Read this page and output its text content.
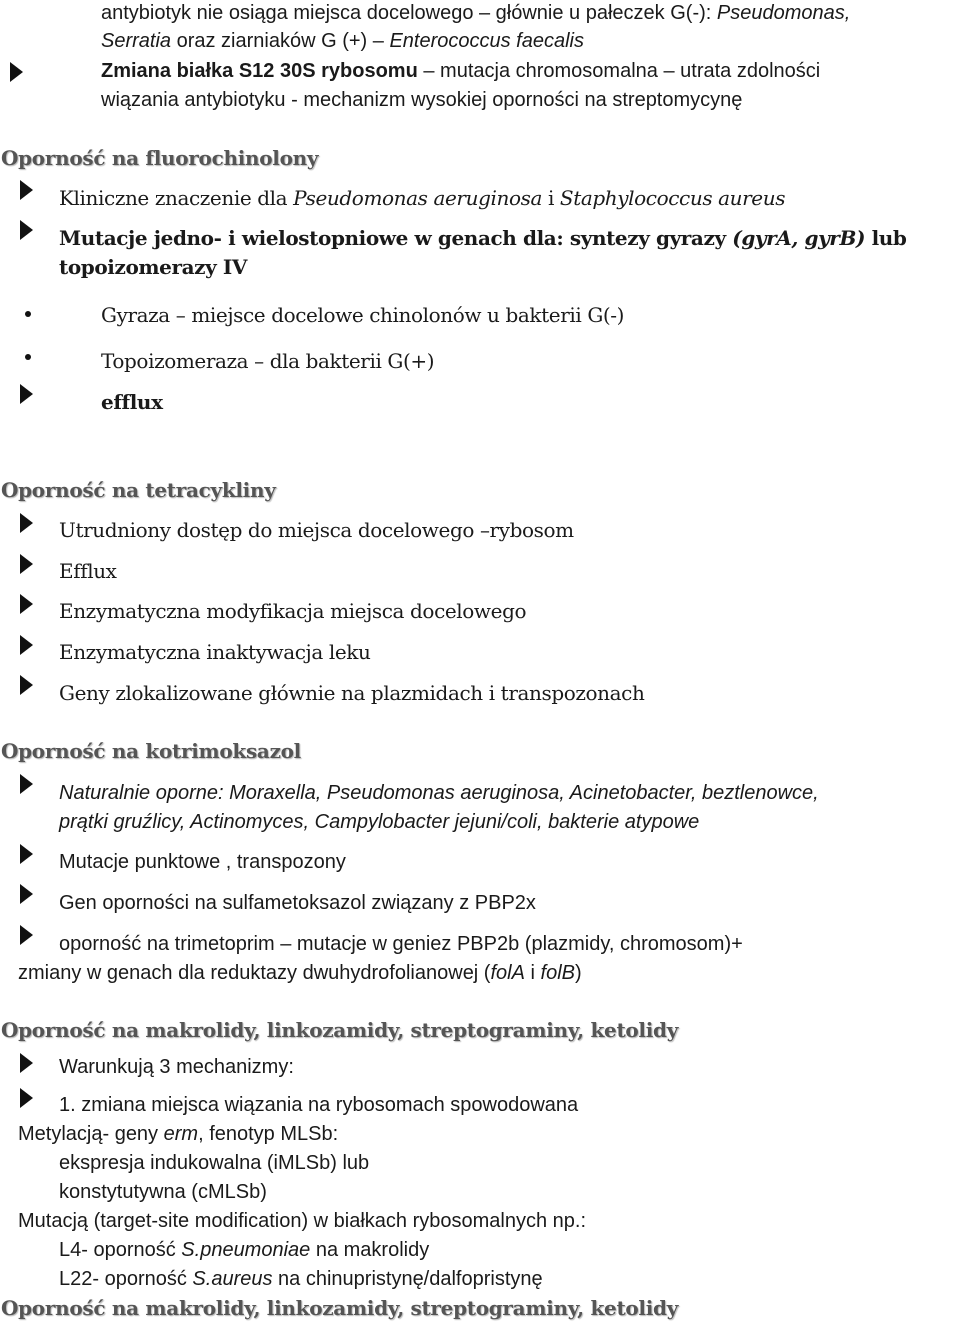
antybiotyk nie osiąga miejsca docelowego – głównie u pałeczek G(-): Pseudomonas,
Serratia oraz ziarniaków G (+) – Enterococcus faecalis
Zmiana białka S12 30S rybosomu – mutacja chromosomalna – utrata zdolności
wiązania antybiotyku - mechanizm wysokiej oporności na streptomycynę
Oporność na fluorochinolony
Kliniczne znaczenie dla Pseudomonas aeruginosa i Staphylococcus aureus
Mutacje jedno- i wielostopniowe w genach dla: syntezy gyrazy (gyrA, gyrB) lub
topoizomerazy IV
Gyraza – miejsce docelowe chinolonów u bakterii G(-)
Topoizomeraza – dla bakterii G(+)
efflux
Oporność na tetracykliny
Utrudniony dostęp do miejsca docelowego –rybosom
Efflux
Enzymatyczna modyfikacja miejsca docelowego
Enzymatyczna inaktywacja leku
Geny zlokalizowane głównie na plazmidach i transpozonach
Oporność na kotrimoksazol
Naturalnie oporne: Moraxella, Pseudomonas aeruginosa, Acinetobacter, beztlenowce,
prątki gruźlicy, Actinomyces, Campylobacter jejuni/coli, bakterie atypowe
Mutacje punktowe , transpozony
Gen oporności na sulfametoksazol związany z PBP2x
oporność na trimetoprim – mutacje w geniez PBP2b (plazmidy, chromosom)+
zmiany w genach dla reduktazy dwuhydrofolianowej (folA i folB)
Oporność na makrolidy, linkozamidy, streptograminy, ketolidy
Warunkują 3 mechanizmy:
1. zmiana miejsca wiązania na rybosomach spowodowana
Metylacją- geny erm, fenotyp MLSb:
ekspresja indukowalna (iMLSb) lub
konstytutywna (cMLSb)
Mutacją (target-site modification) w białkach rybosomalnych np.:
L4- oporność S.pneumoniae na makrolidy
L22- oporność S.aureus na chinupristynę/dalfopristynę
Oporność na makrolidy, linkozamidy, streptograminy, ketolidy
